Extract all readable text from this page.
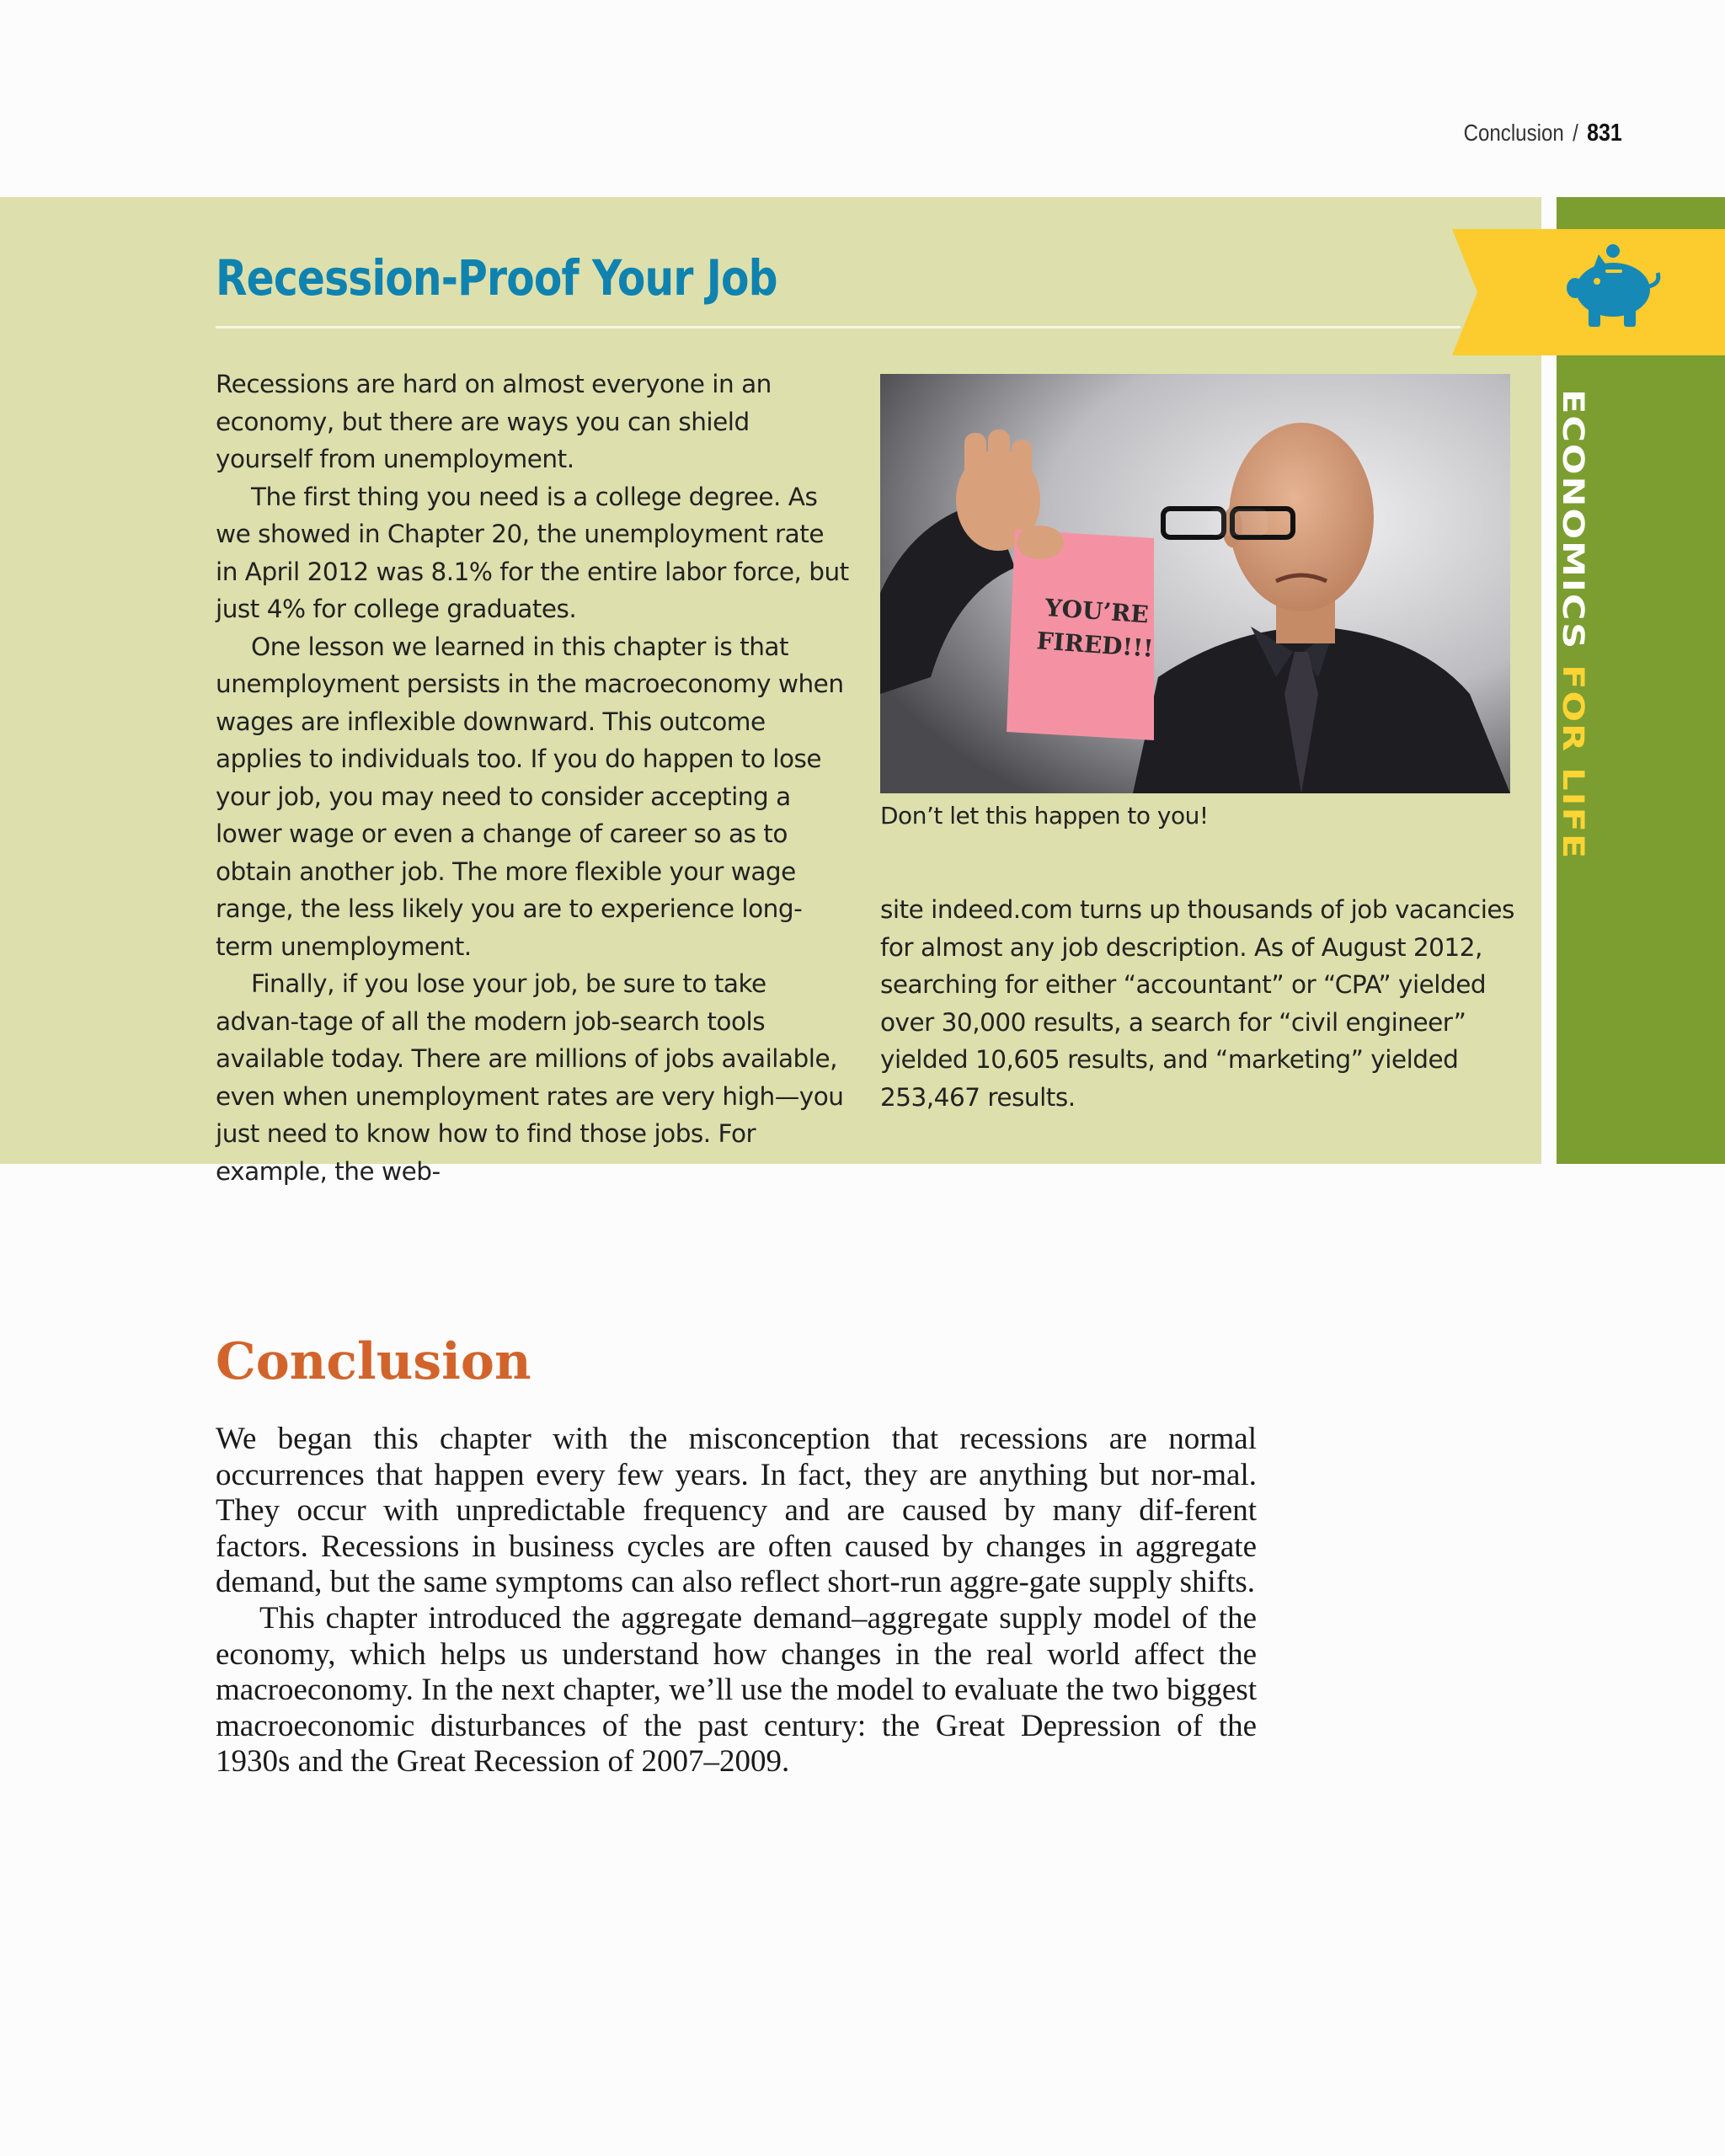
Conclusion / 831
ECONOMICS FOR LIFE
Recession-Proof Your Job

Recessions are hard on almost everyone in an economy, but there are ways you can shield yourself from unemployment.

The first thing you need is a college degree. As we showed in Chapter 20, the unemployment rate in April 2012 was 8.1% for the entire labor force, but just 4% for college graduates.

One lesson we learned in this chapter is that unemployment persists in the macroeconomy when wages are inflexible downward. This outcome applies to individuals too. If you do happen to lose your job, you may need to consider accepting a lower wage or even a change of career so as to obtain another job. The more flexible your wage range, the less likely you are to experience long-term unemployment.

Finally, if you lose your job, be sure to take advan-tage of all the modern job-search tools available today. There are millions of jobs available, even when unemployment rates are very high—you just need to know how to find those jobs. For example, the web-

YOU’RE
FIRED!!!
Don’t let this happen to you!

site indeed.com turns up thousands of job vacancies for almost any job description. As of August 2012, searching for either “accountant” or “CPA” yielded over 30,000 results, a search for “civil engineer” yielded 10,605 results, and “marketing” yielded 253,467 results.

Conclusion

We began this chapter with the misconception that recessions are normal occurrences that happen every few years. In fact, they are anything but nor-mal. They occur with unpredictable frequency and are caused by many dif-ferent factors. Recessions in business cycles are often caused by changes in aggregate demand, but the same symptoms can also reflect short-run aggre-gate supply shifts.

This chapter introduced the aggregate demand–aggregate supply model of the economy, which helps us understand how changes in the real world affect the macroeconomy. In the next chapter, we’ll use the model to evaluate the two biggest macroeconomic disturbances of the past century: the Great Depression of the 1930s and the Great Recession of 2007–2009.
